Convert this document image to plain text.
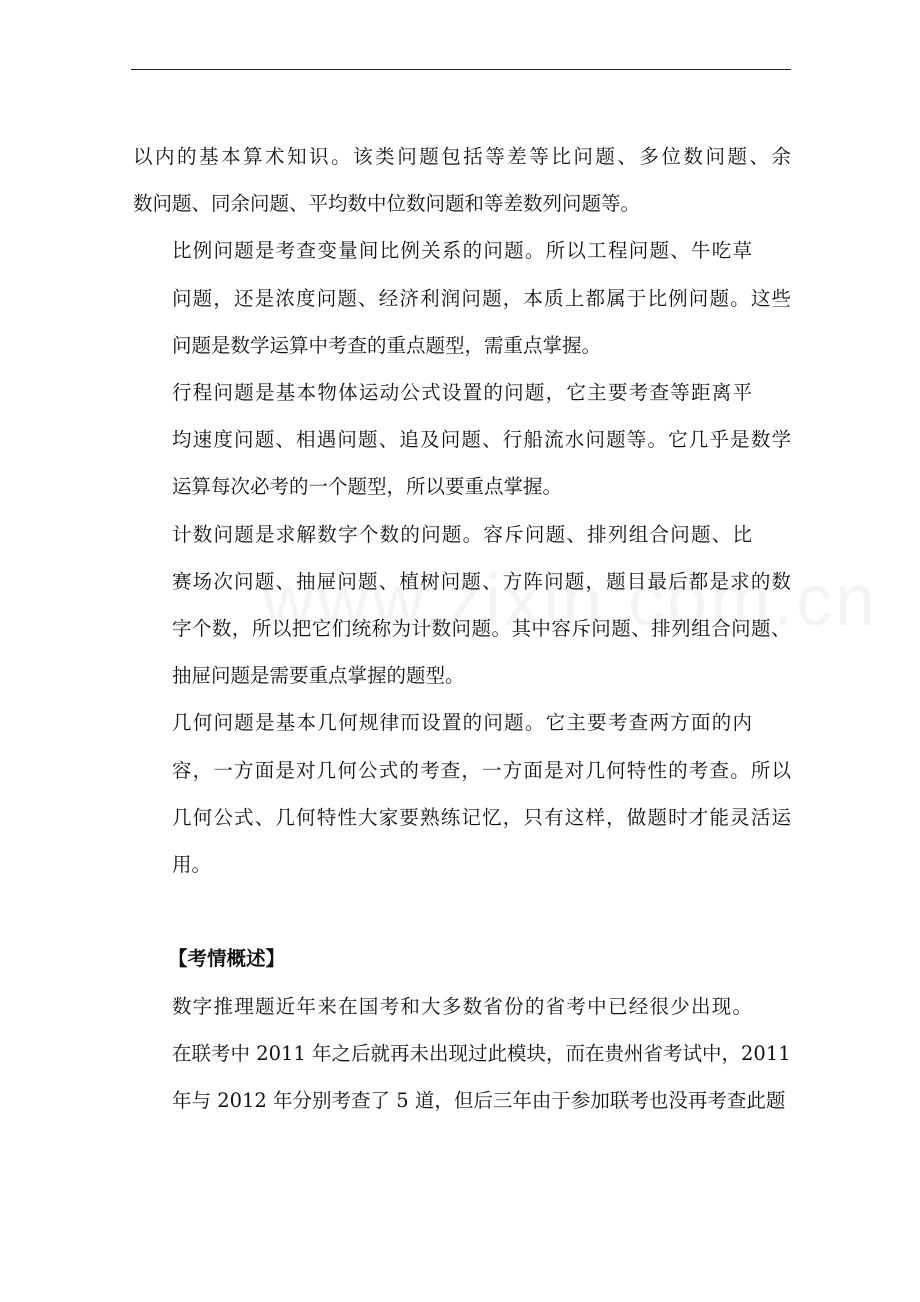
以内的基本算术知识。该类问题包括等差等比问题、多位数问题、余
数问题、同余问题、平均数中位数问题和等差数列问题等。
比例问题是考查变量间比例关系的问题。所以工程问题、牛吃草
问题，还是浓度问题、经济利润问题，本质上都属于比例问题。这些
问题是数学运算中考查的重点题型，需重点掌握。
行程问题是基本物体运动公式设置的问题，它主要考查等距离平
均速度问题、相遇问题、追及问题、行船流水问题等。它几乎是数学
运算每次必考的一个题型，所以要重点掌握。
计数问题是求解数字个数的问题。容斥问题、排列组合问题、比
赛场次问题、抽屉问题、植树问题、方阵问题，题目最后都是求的数
字个数，所以把它们统称为计数问题。其中容斥问题、排列组合问题、
抽屉问题是需要重点掌握的题型。
几何问题是基本几何规律而设置的问题。它主要考查两方面的内
容，一方面是对几何公式的考查，一方面是对几何特性的考查。所以
几何公式、几何特性大家要熟练记忆，只有这样，做题时才能灵活运
用。
【考情概述】
数字推理题近年来在国考和大多数省份的省考中已经很少出现。
在联考中 2011 年之后就再未出现过此模块，而在贵州省考试中，2011
年与 2012 年分别考查了 5 道，但后三年由于参加联考也没再考查此题
